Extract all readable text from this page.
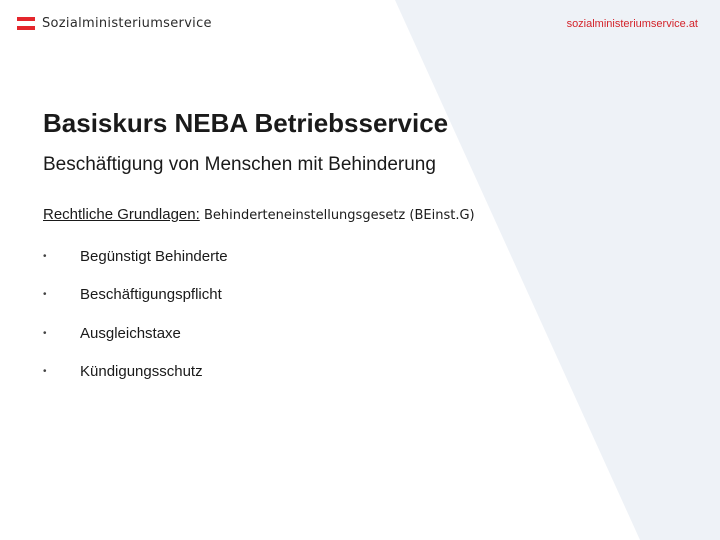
Sozialministeriumservice	sozialministeriumservice.at
Basiskurs NEBA Betriebsservice
Beschäftigung von Menschen mit Behinderung
Rechtliche Grundlagen: Behinderteneinstellungsgesetz (BEinst.G)
•	Begünstigt Behinderte
•	Beschäftigungspflicht
•	Ausgleichstaxe
•	Kündigungsschutz
